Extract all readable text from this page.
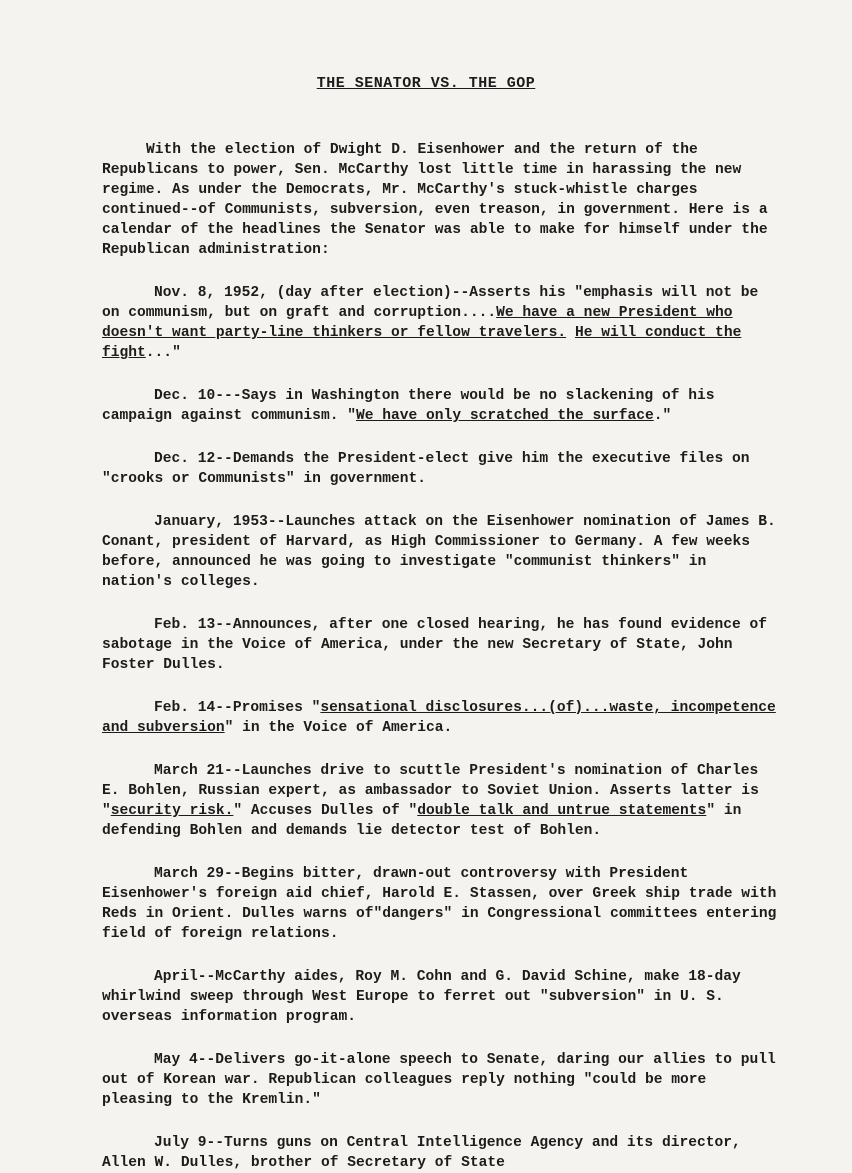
THE SENATOR VS. THE GOP

With the election of Dwight D. Eisenhower and the return of the Republicans to power, Sen. McCarthy lost little time in harassing the new regime. As under the Democrats, Mr. McCarthy's stuck-whistle charges continued--of Communists, subversion, even treason, in government. Here is a calendar of the headlines the Senator was able to make for himself under the Republican administration:

Nov. 8, 1952, (day after election)--Asserts his "emphasis will not be on communism, but on graft and corruption....We have a new President who doesn't want party-line thinkers or fellow travelers. He will conduct the fight..."

Dec. 10---Says in Washington there would be no slackening of his campaign against communism. "We have only scratched the surface."

Dec. 12--Demands the President-elect give him the executive files on "crooks or Communists" in government.

January, 1953--Launches attack on the Eisenhower nomination of James B. Conant, president of Harvard, as High Commissioner to Germany. A few weeks before, announced he was going to investigate "communist thinkers" in nation's colleges.

Feb. 13--Announces, after one closed hearing, he has found evidence of sabotage in the Voice of America, under the new Secretary of State, John Foster Dulles.

Feb. 14--Promises "sensational disclosures...(of)...waste, incompetence and subversion" in the Voice of America.

March 21--Launches drive to scuttle President's nomination of Charles E. Bohlen, Russian expert, as ambassador to Soviet Union. Asserts latter is "security risk." Accuses Dulles of "double talk and untrue statements" in defending Bohlen and demands lie detector test of Bohlen.

March 29--Begins bitter, drawn-out controversy with President Eisenhower's foreign aid chief, Harold E. Stassen, over Greek ship trade with Reds in Orient. Dulles warns of"dangers" in Congressional committees entering field of foreign relations.

April--McCarthy aides, Roy M. Cohn and G. David Schine, make 18-day whirlwind sweep through West Europe to ferret out "subversion" in U. S. overseas information program.

May 4--Delivers go-it-alone speech to Senate, daring our allies to pull out of Korean war. Republican colleagues reply nothing "could be more pleasing to the Kremlin."

July 9--Turns guns on Central Intelligence Agency and its director, Allen W. Dulles, brother of Secretary of State
